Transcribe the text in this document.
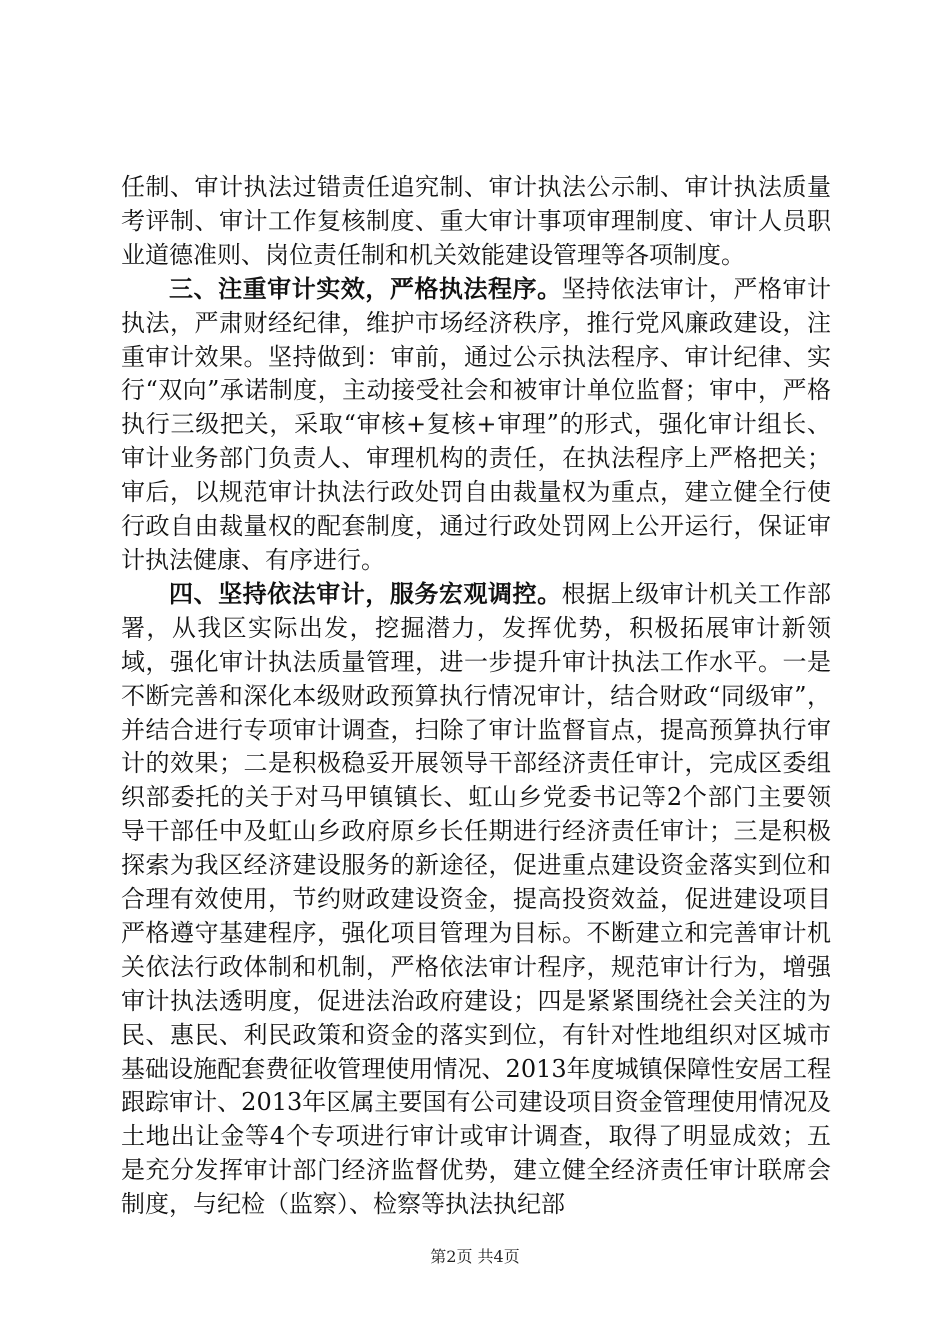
任制、审计执法过错责任追究制、审计执法公示制、审计执法质量考评制、审计工作复核制度、重大审计事项审理制度、审计人员职业道德准则、岗位责任制和机关效能建设管理等各项制度。

三、注重审计实效，严格执法程序。坚持依法审计，严格审计执法，严肃财经纪律，维护市场经济秩序，推行党风廉政建设，注重审计效果。坚持做到：审前，通过公示执法程序、审计纪律、实行“双向”承诺制度，主动接受社会和被审计单位监督；审中，严格执行三级把关，采取“审核+复核+审理”的形式，强化审计组长、审计业务部门负责人、审理机构的责任，在执法程序上严格把关；审后，以规范审计执法行政处罚自由裁量权为重点，建立健全行使行政自由裁量权的配套制度，通过行政处罚网上公开运行，保证审计执法健康、有序进行。

四、坚持依法审计，服务宏观调控。根据上级审计机关工作部署，从我区实际出发，挖掘潜力，发挥优势，积极拓展审计新领域，强化审计执法质量管理，进一步提升审计执法工作水平。一是不断完善和深化本级财政预算执行情况审计，结合财政“同级审”，并结合进行专项审计调查，扫除了审计监督盲点，提高预算执行审计的效果；二是积极稳妥开展领导干部经济责任审计，完成区委组织部委托的关于对马甲镇镇长、虹山乡党委书记等2个部门主要领导干部任中及虹山乡政府原乡长任期进行经济责任审计；三是积极探索为我区经济建设服务的新途径，促进重点建设资金落实到位和合理有效使用，节约财政建设资金，提高投资效益，促进建设项目严格遵守基建程序，强化项目管理为目标。不断建立和完善审计机关依法行政体制和机制，严格依法审计程序，规范审计行为，增强审计执法透明度，促进法治政府建设；四是紧紧围绕社会关注的为民、惠民、利民政策和资金的落实到位，有针对性地组织对区城市基础设施配套费征收管理使用情况、2013年度城镇保障性安居工程跟踪审计、2013年区属主要国有公司建设项目资金管理使用情况及土地出让金等4个专项进行审计或审计调查，取得了明显成效；五是充分发挥审计部门经济监督优势，建立健全经济责任审计联席会制度，与纪检（监察）、检察等执法执纪部

第2页 共4页
